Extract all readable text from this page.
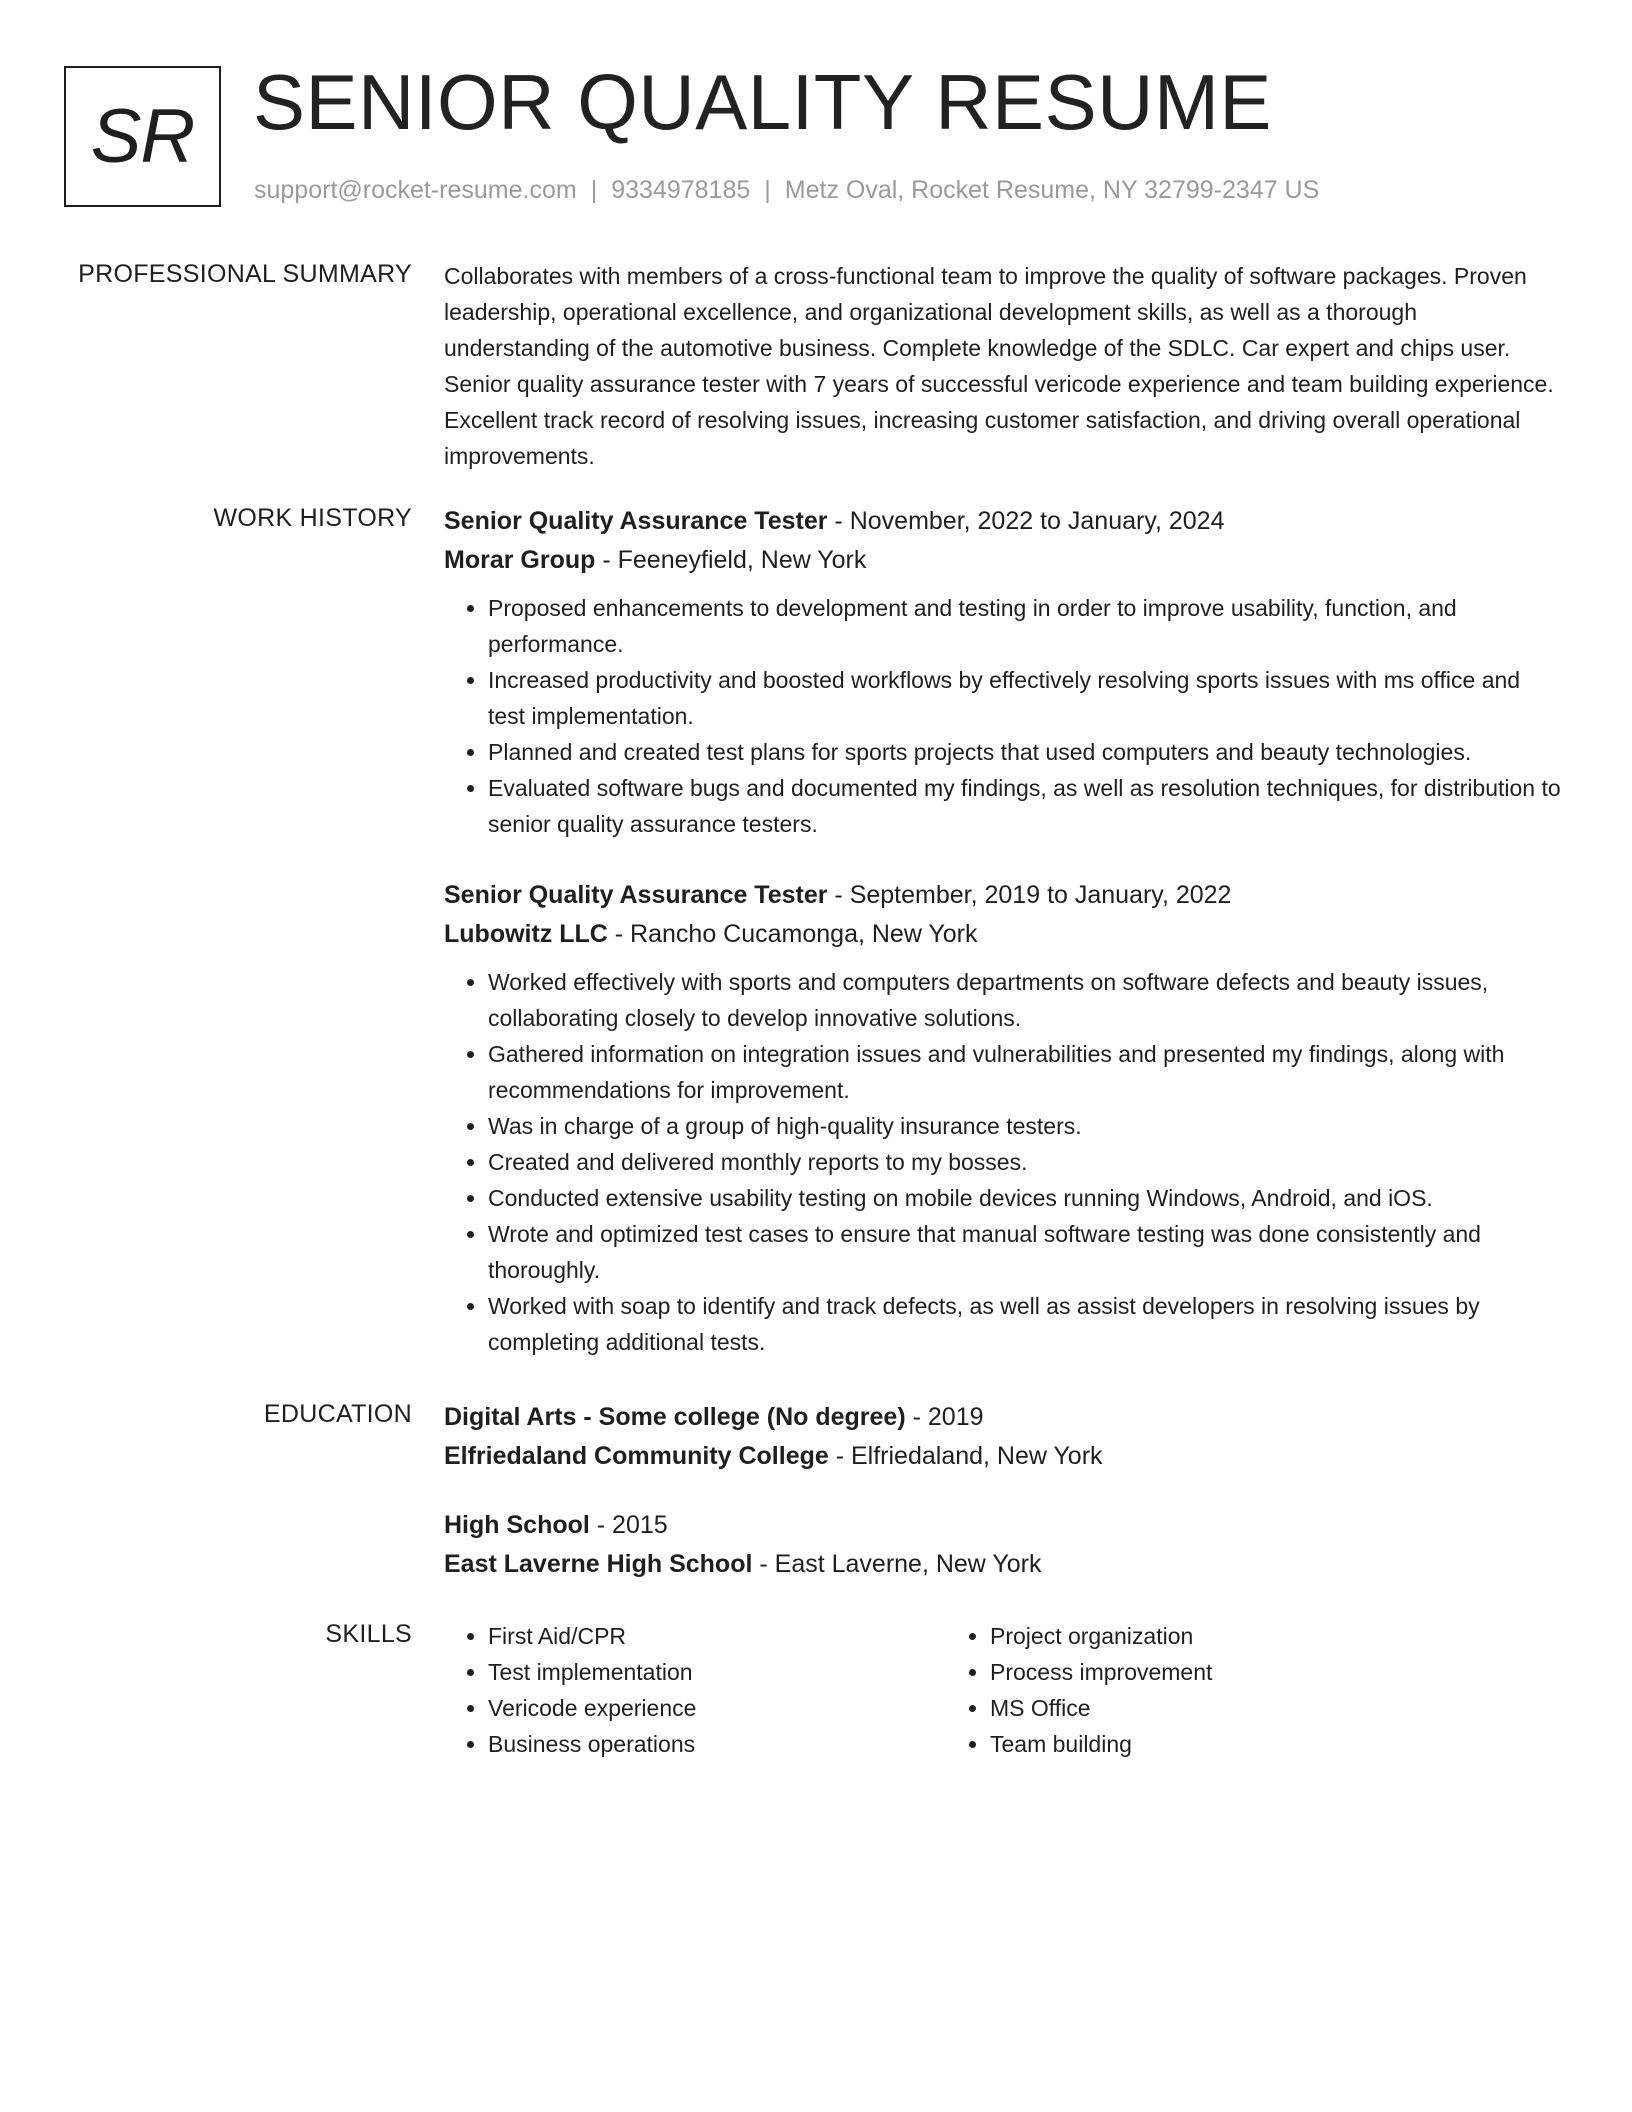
SR SENIOR QUALITY RESUME
support@rocket-resume.com | 9334978185 | Metz Oval, Rocket Resume, NY 32799-2347 US
PROFESSIONAL SUMMARY Collaborates with members of a cross-functional team to improve the quality of software packages. Proven leadership, operational excellence, and organizational development skills, as well as a thorough understanding of the automotive business. Complete knowledge of the SDLC. Car expert and chips user. Senior quality assurance tester with 7 years of successful vericode experience and team building experience. Excellent track record of resolving issues, increasing customer satisfaction, and driving overall operational improvements.

WORK HISTORY Senior Quality Assurance Tester - November, 2022 to January, 2024

Morar Group - Feeneyfield, New York

• Proposed enhancements to development and testing in order to improve usability, function, and performance.
• Increased productivity and boosted workflows by effectively resolving sports issues with ms office and test implementation.
• Planned and created test plans for sports projects that used computers and beauty technologies.
• Evaluated software bugs and documented my findings, as well as resolution techniques, for distribution to senior quality assurance testers.

Senior Quality Assurance Tester - September, 2019 to January, 2022

Lubowitz LLC - Rancho Cucamonga, New York

• Worked effectively with sports and computers departments on software defects and beauty issues, collaborating closely to develop innovative solutions.
• Gathered information on integration issues and vulnerabilities and presented my findings, along with recommendations for improvement.
• Was in charge of a group of high-quality insurance testers.
• Created and delivered monthly reports to my bosses.
• Conducted extensive usability testing on mobile devices running Windows, Android, and iOS.
• Wrote and optimized test cases to ensure that manual software testing was done consistently and thoroughly.
• Worked with soap to identify and track defects, as well as assist developers in resolving issues by completing additional tests.
EDUCATION Digital Arts - Some college (No degree) - 2019

Elfriedaland Community College - Elfriedaland, New York

High School - 2015

East Laverne High School - East Laverne, New York

SKILLS
•	First Aid/CPR
• Test implementation
• Vericode experience
• Business operations
• Project organization
• Process improvement
• MS Office
• Team building
